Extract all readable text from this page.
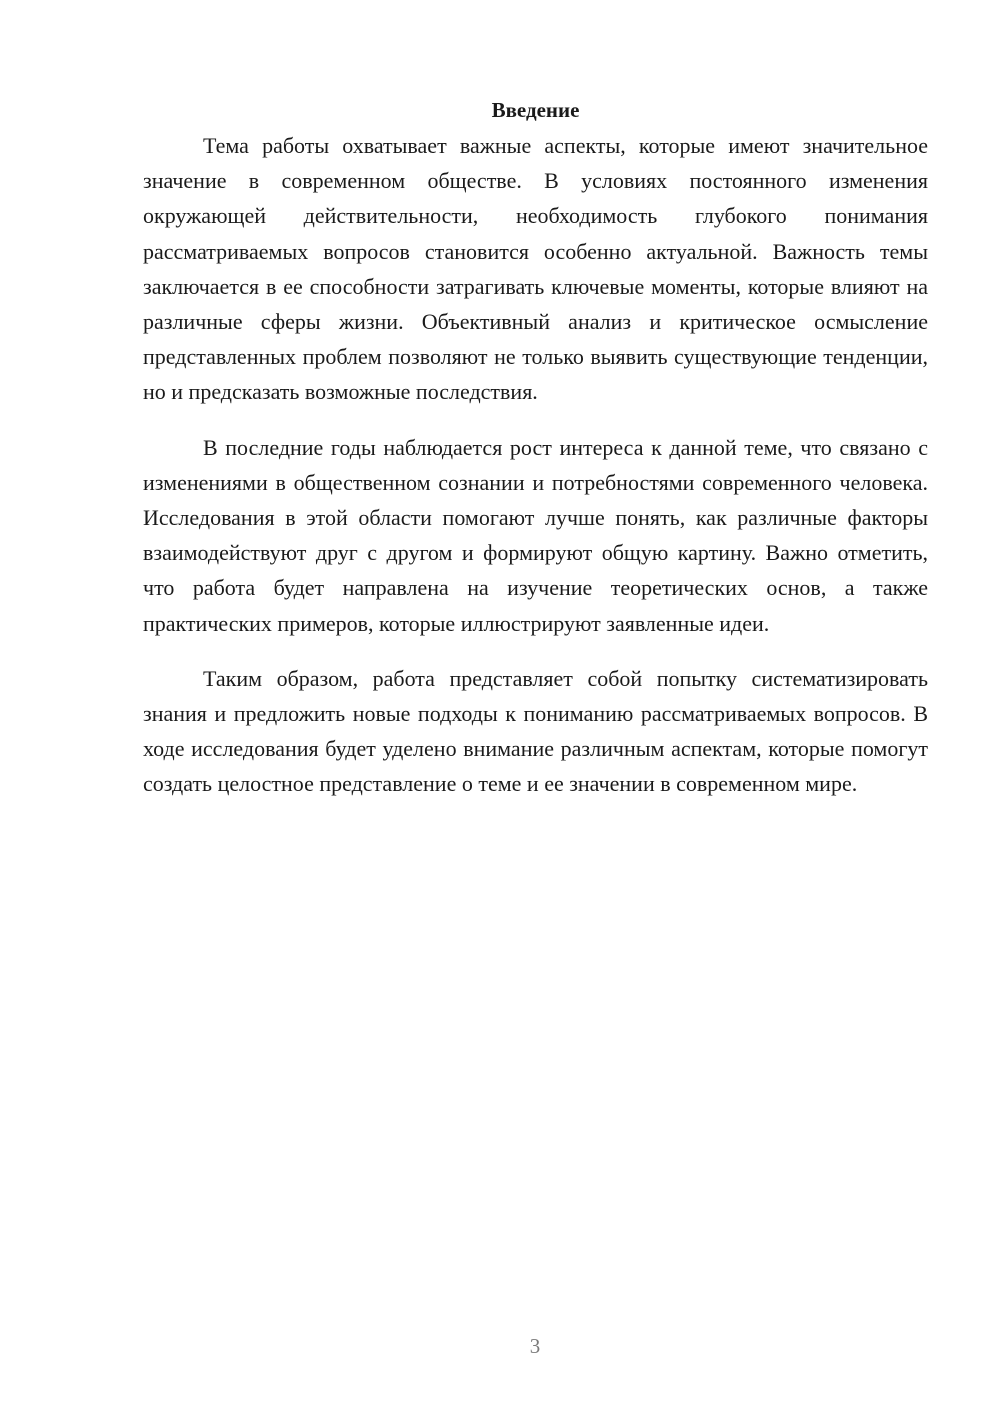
Введение

Тема работы охватывает важные аспекты, которые имеют значительное значение в современном обществе. В условиях постоянного изменения окружающей действительности, необходимость глубокого понимания рассматриваемых вопросов становится особенно актуальной. Важность темы заключается в ее способности затрагивать ключевые моменты, которые влияют на различные сферы жизни. Объективный анализ и критическое осмысление представленных проблем позволяют не только выявить существующие тенденции, но и предсказать возможные последствия.

В последние годы наблюдается рост интереса к данной теме, что связано с изменениями в общественном сознании и потребностями современного человека. Исследования в этой области помогают лучше понять, как различные факторы взаимодействуют друг с другом и формируют общую картину. Важно отметить, что работа будет направлена на изучение теоретических основ, а также практических примеров, которые иллюстрируют заявленные идеи.

Таким образом, работа представляет собой попытку систематизировать знания и предложить новые подходы к пониманию рассматриваемых вопросов. В ходе исследования будет уделено внимание различным аспектам, которые помогут создать целостное представление о теме и ее значении в современном мире.

3
